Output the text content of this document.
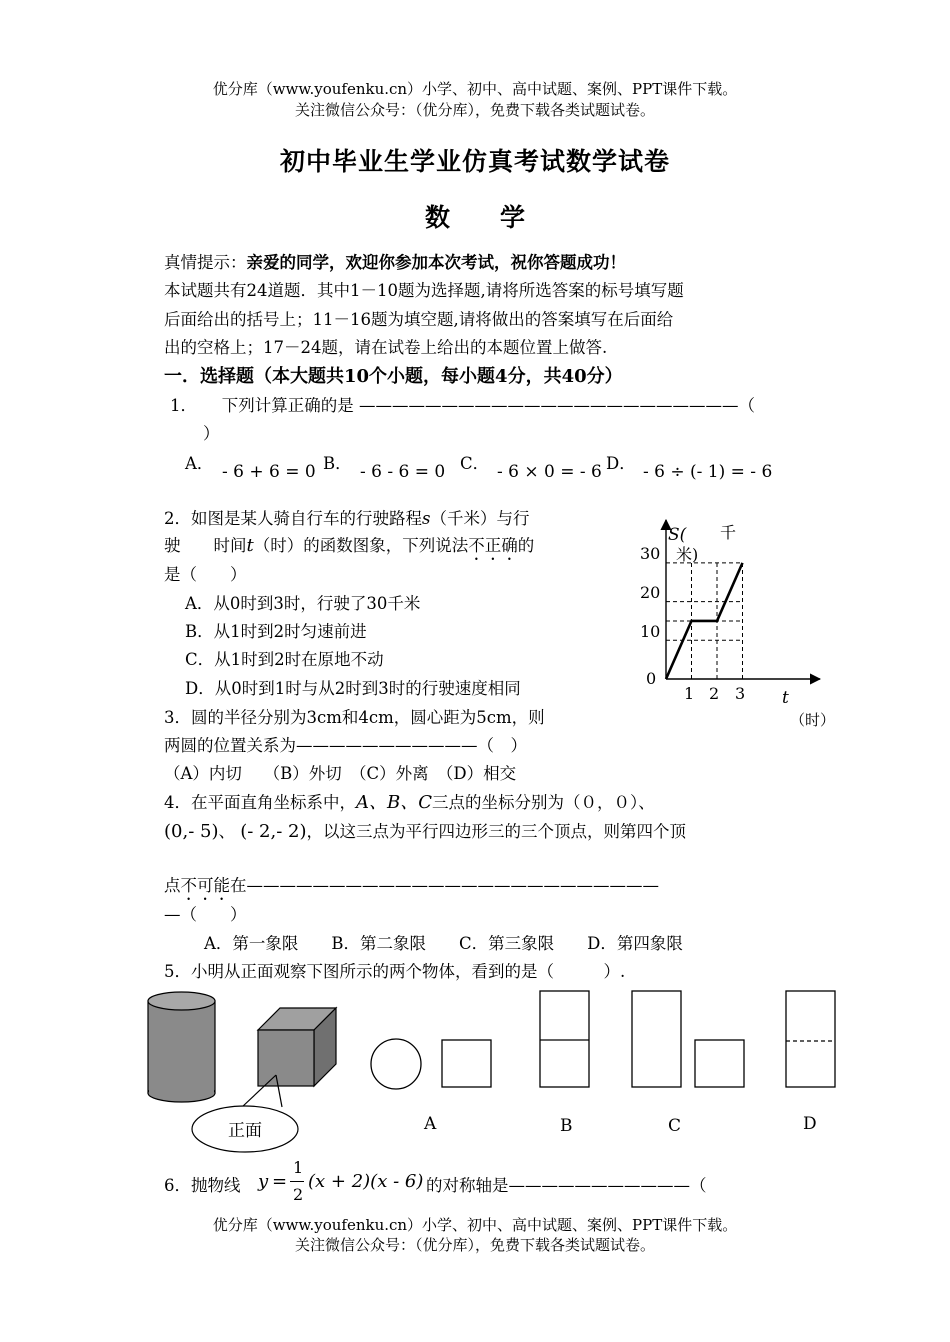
优分库（www.youfenku.cn）小学、初中、高中试题、案例、PPT课件下载。
关注微信公众号：（优分库），免费下载各类试题试卷。
初中毕业生学业仿真考试数学试卷
数　　学
真情提示：亲爱的同学，欢迎你参加本次考试，祝你答题成功！
本试题共有24道题．其中1－10题为选择题,请将所选答案的标号填写题
后面给出的括号上；11－16题为填空题,请将做出的答案填写在后面给
出的空格上；17－24题，请在试卷上给出的本题位置上做答.
一．选择题（本大题共10个小题，每小题4分，共40分）
1．　　下列计算正确的是 ———————————————————————（
）
A． - 6 + 6 = 0 B． - 6 - 6 = 0 C． - 6 × 0 = - 6 D． - 6 ÷ (- 1) = - 6
2．如图是某人骑自行车的行驶路程s（千米）与行
驶　　时间t（时）的函数图象，下列说法不正确的
是（　　）
A．从0时到3时，行驶了30千米
B．从1时到2时匀速前进
C．从1时到2时在原地不动
D．从0时到1时与从2时到3时的行驶速度相同
S( 千
米)
30
20
10
0
1 2 3 t
（时）
3．圆的半径分别为3cm和4cm，圆心距为5cm，则
两圆的位置关系为———————————（　）
（A）内切　 （B）外切　（C）外离　（D）相交
4．在平面直角坐标系中，A、B、C三点的坐标分别为（０，０）、
(0,- 5)、 (- 2,- 2)，以这三点为平行四边形三的三个顶点，则第四个顶
点不可能在—————————————————————————
—（　　）
A．第一象限　　B．第二象限　　C．第三象限　　D．第四象限
5．小明从正面观察下图所示的两个物体，看到的是（　　　）.
正面	A	B	C	D
6．抛物线 y =
1
2
(x + 2)(x - 6) 的对称轴是———————————（
优分库（www.youfenku.cn）小学、初中、高中试题、案例、PPT课件下载。
关注微信公众号：（优分库），免费下载各类试题试卷。
